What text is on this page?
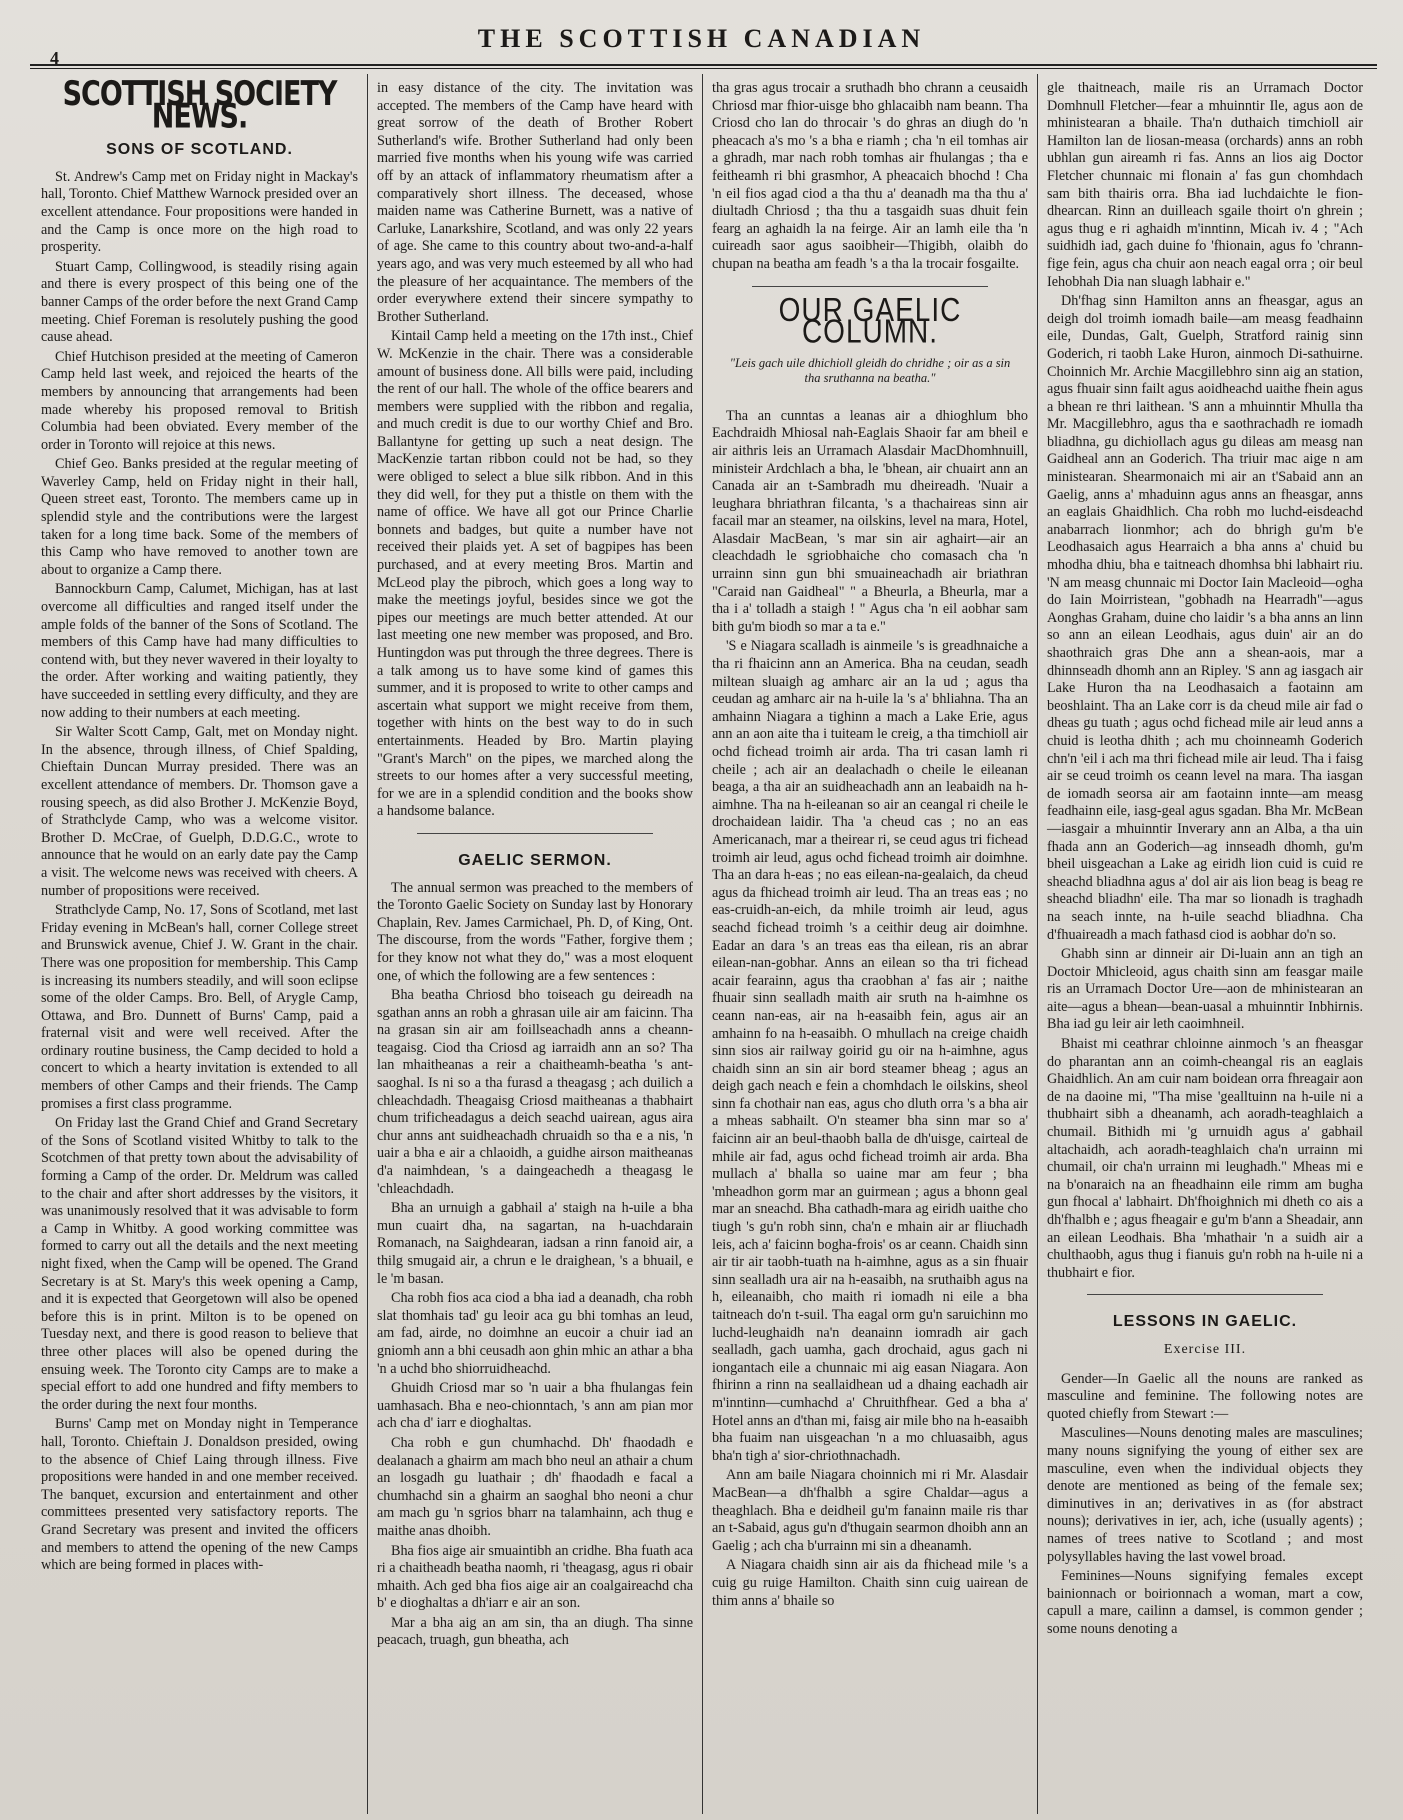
4
THE SCOTTISH CANADIAN
SCOTTISH SOCIETY NEWS.
SONS OF SCOTLAND.

St. Andrew's Camp met on Friday night in Mackay's hall, Toronto. Chief Matthew Warnock presided over an excellent attendance. Four propositions were handed in and the Camp is once more on the high road to prosperity.

Stuart Camp, Collingwood, is steadily rising again and there is every prospect of this being one of the banner Camps of the order before the next Grand Camp meeting. Chief Foreman is resolutely pushing the good cause ahead.

Chief Hutchison presided at the meeting of Cameron Camp held last week, and rejoiced the hearts of the members by announcing that arrangements had been made whereby his proposed removal to British Columbia had been obviated. Every member of the order in Toronto will rejoice at this news.

Chief Geo. Banks presided at the regular meeting of Waverley Camp, held on Friday night in their hall, Queen street east, Toronto. The members came up in splendid style and the contributions were the largest taken for a long time back. Some of the members of this Camp who have removed to another town are about to organize a Camp there.

Bannockburn Camp, Calumet, Michigan, has at last overcome all difficulties and ranged itself under the ample folds of the banner of the Sons of Scotland. The members of this Camp have had many difficulties to contend with, but they never wavered in their loyalty to the order. After working and waiting patiently, they have succeeded in settling every difficulty, and they are now adding to their numbers at each meeting.

Sir Walter Scott Camp, Galt, met on Monday night. In the absence, through illness, of Chief Spalding, Chieftain Duncan Murray presided. There was an excellent attendance of members. Dr. Thomson gave a rousing speech, as did also Brother J. McKenzie Boyd, of Strathclyde Camp, who was a welcome visitor. Brother D. McCrae, of Guelph, D.D.G.C., wrote to announce that he would on an early date pay the Camp a visit. The welcome news was received with cheers. A number of propositions were received.

Strathclyde Camp, No. 17, Sons of Scotland, met last Friday evening in McBean's hall, corner College street and Brunswick avenue, Chief J. W. Grant in the chair. There was one proposition for membership. This Camp is increasing its numbers steadily, and will soon eclipse some of the older Camps. Bro. Bell, of Arygle Camp, Ottawa, and Bro. Dunnett of Burns' Camp, paid a fraternal visit and were well received. After the ordinary routine business, the Camp decided to hold a concert to which a hearty invitation is extended to all members of other Camps and their friends. The Camp promises a first class programme.

On Friday last the Grand Chief and Grand Secretary of the Sons of Scotland visited Whitby to talk to the Scotchmen of that pretty town about the advisability of forming a Camp of the order. Dr. Meldrum was called to the chair and after short addresses by the visitors, it was unanimously resolved that it was advisable to form a Camp in Whitby. A good working committee was formed to carry out all the details and the next meeting night fixed, when the Camp will be opened. The Grand Secretary is at St. Mary's this week opening a Camp, and it is expected that Georgetown will also be opened before this is in print. Milton is to be opened on Tuesday next, and there is good reason to believe that three other places will also be opened during the ensuing week. The Toronto city Camps are to make a special effort to add one hundred and fifty members to the order during the next four months.

Burns' Camp met on Monday night in Temperance hall, Toronto. Chieftain J. Donaldson presided, owing to the absence of Chief Laing through illness. Five propositions were handed in and one member received. The banquet, excursion and entertainment and other committees presented very satisfactory reports. The Grand Secretary was present and invited the officers and members to attend the opening of the new Camps which are being formed in places with-

in easy distance of the city. The invitation was accepted. The members of the Camp have heard with great sorrow of the death of Brother Robert Sutherland's wife. Brother Sutherland had only been married five months when his young wife was carried off by an attack of inflammatory rheumatism after a comparatively short illness. The deceased, whose maiden name was Catherine Burnett, was a native of Carluke, Lanarkshire, Scotland, and was only 22 years of age. She came to this country about two-and-a-half years ago, and was very much esteemed by all who had the pleasure of her acquaintance. The members of the order everywhere extend their sincere sympathy to Brother Sutherland.

Kintail Camp held a meeting on the 17th inst., Chief W. McKenzie in the chair. There was a considerable amount of business done. All bills were paid, including the rent of our hall. The whole of the office bearers and members were supplied with the ribbon and regalia, and much credit is due to our worthy Chief and Bro. Ballantyne for getting up such a neat design. The MacKenzie tartan ribbon could not be had, so they were obliged to select a blue silk ribbon. And in this they did well, for they put a thistle on them with the name of office. We have all got our Prince Charlie bonnets and badges, but quite a number have not received their plaids yet. A set of bagpipes has been purchased, and at every meeting Bros. Martin and McLeod play the pibroch, which goes a long way to make the meetings joyful, besides since we got the pipes our meetings are much better attended. At our last meeting one new member was proposed, and Bro. Huntingdon was put through the three degrees. There is a talk among us to have some kind of games this summer, and it is proposed to write to other camps and ascertain what support we might receive from them, together with hints on the best way to do in such entertainments. Headed by Bro. Martin playing "Grant's March" on the pipes, we marched along the streets to our homes after a very successful meeting, for we are in a splendid condition and the books show a handsome balance.

GAELIC SERMON.

The annual sermon was preached to the members of the Toronto Gaelic Society on Sunday last by Honorary Chaplain, Rev. James Carmichael, Ph. D, of King, Ont. The discourse, from the words "Father, forgive them ; for they know not what they do," was a most eloquent one, of which the following are a few sentences :

Bha beatha Chriosd bho toiseach gu deireadh na sgathan anns an robh a ghrasan uile air am faicinn. Tha na grasan sin air am foillseachadh anns a cheann-teagaisg. Ciod tha Criosd ag iarraidh ann an so? Tha lan mhaitheanas a reir a chaitheamh-beatha 's ant-saoghal. Is ni so a tha furasd a theagasg ; ach duilich a chleachdadh. Theagaisg Criosd maitheanas a thabhairt chum trificheadagus a deich seachd uairean, agus aira chur anns ant suidheachadh chruaidh so tha e a nis, 'n uair a bha e air a chlaoidh, a guidhe airson maitheanas d'a naimhdean, 's a daingeachedh a theagasg le 'chleachdadh.

Bha an urnuigh a gabhail a' staigh na h-uile a bha mun cuairt dha, na sagartan, na h-uachdarain Romanach, na Saighdearan, iadsan a rinn fanoid air, a thilg smugaid air, a chrun e le draighean, 's a bhuail, e le 'm basan.

Cha robh fios aca ciod a bha iad a deanadh, cha robh slat thomhais tad' gu leoir aca gu bhi tomhas an leud, am fad, airde, no doimhne an eucoir a chuir iad an gniomh ann a bhi ceusadh aon ghin mhic an athar a bha 'n a uchd bho shiorruidheachd.

Ghuidh Criosd mar so 'n uair a bha fhulangas fein uamhasach. Bha e neo-chionntach, 's ann am pian mor ach cha d' iarr e dioghaltas.

Cha robh e gun chumhachd. Dh' fhaodadh e dealanach a ghairm am mach bho neul an athair a chum an losgadh gu luathair ; dh' fhaodadh e facal a chumhachd sin a ghairm an saoghal bho neoni a chur am mach gu 'n sgrios bharr na talamhainn, ach thug e maithe anas dhoibh.

Bha fios aige air smuaintibh an cridhe. Bha fuath aca ri a chaitheadh beatha naomh, ri 'theagasg, agus ri obair mhaith. Ach ged bha fios aige air an coalgaireachd cha b' e dioghaltas a dh'iarr e air an son.

Mar a bha aig an am sin, tha an diugh. Tha sinne peacach, truagh, gun bheatha, ach

tha gras agus trocair a sruthadh bho chrann a ceusaidh Chriosd mar fhior-uisge bho ghlacaibh nam beann. Tha Criosd cho lan do throcair 's do ghras an diugh do 'n pheacach a's mo 's a bha e riamh ; cha 'n eil tomhas air a ghradh, mar nach robh tomhas air fhulangas ; tha e feitheamh ri bhi grasmhor, A pheacaich bhochd ! Cha 'n eil fios agad ciod a tha thu a' deanadh ma tha thu a' diultadh Chriosd ; tha thu a tasgaidh suas dhuit fein fearg an aghaidh la na feirge. Air an lamh eile tha 'n cuireadh saor agus saoibheir—Thigibh, olaibh do chupan na beatha am feadh 's a tha la trocair fosgailte.

OUR GAELIC COLUMN.
"Leis gach uile dhichioll gleidh do chridhe ; oir as a sin tha sruthanna na beatha."

Tha an cunntas a leanas air a dhioghlum bho Eachdraidh Mhiosal nah-Eaglais Shaoir far am bheil e air aithris leis an Urramach Alasdair MacDhomhnuill, ministeir Ardchlach a bha, le 'bhean, air chuairt ann an Canada air an t-Sambradh mu dheireadh. 'Nuair a leughara bhriathran filcanta, 's a thachaireas sinn air facail mar an steamer, na oilskins, level na mara, Hotel, Alasdair MacBean, 's mar sin air aghairt—air an cleachdadh le sgriobhaiche cho comasach cha 'n urrainn sinn gun bhi smuaineachadh air briathran "Caraid nan Gaidheal" " a Bheurla, a Bheurla, mar a tha i a' tolladh a staigh ! " Agus cha 'n eil aobhar sam bith gu'm biodh so mar a ta e."

'S e Niagara scalladh is ainmeile 's is greadhnaiche a tha ri fhaicinn ann an America. Bha na ceudan, seadh miltean sluaigh ag amharc air an la ud ; agus tha ceudan ag amharc air na h-uile la 's a' bhliahna. Tha an amhainn Niagara a tighinn a mach a Lake Erie, agus ann an aon aite tha i tuiteam le creig, a tha timchioll air ochd fichead troimh air arda. Tha tri casan lamh ri cheile ; ach air an dealachadh o cheile le eileanan beaga, a tha air an suidheachadh ann an leabaidh na h-aimhne. Tha na h-eileanan so air an ceangal ri cheile le drochaidean laidir. Tha 'a cheud cas ; no an eas Americanach, mar a theirear ri, se ceud agus tri fichead troimh air leud, agus ochd fichead troimh air doimhne. Tha an dara h-eas ; no eas eilean-na-gealaich, da cheud agus da fhichead troimh air leud. Tha an treas eas ; no eas-cruidh-an-eich, da mhile troimh air leud, agus seachd fichead troimh 's a ceithir deug air doimhne. Eadar an dara 's an treas eas tha eilean, ris an abrar eilean-nan-gobhar. Anns an eilean so tha tri fichead acair fearainn, agus tha craobhan a' fas air ; naithe fhuair sinn sealladh maith air sruth na h-aimhne os ceann nan-eas, air na h-easaibh fein, agus air an amhainn fo na h-easaibh. O mhullach na creige chaidh sinn sios air railway goirid gu oir na h-aimhne, agus chaidh sinn an sin air bord steamer bheag ; agus an deigh gach neach e fein a chomhdach le oilskins, sheol sinn fa chothair nan eas, agus cho dluth orra 's a bha air a mheas sabhailt. O'n steamer bha sinn mar so a' faicinn air an beul-thaobh balla de dh'uisge, cairteal de mhile air fad, agus ochd fichead troimh air arda. Bha mullach a' bhalla so uaine mar am feur ; bha 'mheadhon gorm mar an guirmean ; agus a bhonn geal mar an sneachd. Bha cathadh-mara ag eiridh uaithe cho tiugh 's gu'n robh sinn, cha'n e mhain air ar fliuchadh leis, ach a' faicinn bogha-frois' os ar ceann. Chaidh sinn air tir air taobh-tuath na h-aimhne, agus as a sin fhuair sinn sealladh ura air na h-easaibh, na sruthaibh agus na h, eileanaibh, cho maith ri iomadh ni eile a bha taitneach do'n t-suil. Tha eagal orm gu'n saruichinn mo luchd-leughaidh na'n deanainn iomradh air gach sealladh, gach uamha, gach drochaid, agus gach ni iongantach eile a chunnaic mi aig easan Niagara. Aon fhirinn a rinn na seallaidhean ud a dhaing eachadh air m'inntinn—cumhachd a' Chruithfhear. Ged a bha a' Hotel anns an d'than mi, faisg air mile bho na h-easaibh bha fuaim nan uisgeachan 'n a mo chluasaibh, agus bha'n tigh a' sior-chriothnachadh.

Ann am baile Niagara choinnich mi ri Mr. Alasdair MacBean—a dh'fhalbh a sgire Chaldar—agus a theaghlach. Bha e deidheil gu'm fanainn maile ris thar an t-Sabaid, agus gu'n d'thugain searmon dhoibh ann an Gaelig ; ach cha b'urrainn mi sin a dheanamh.

A Niagara chaidh sinn air ais da fhichead mile 's a cuig gu ruige Hamilton. Chaith sinn cuig uairean de thim anns a' bhaile so

gle thaitneach, maile ris an Urramach Doctor Domhnull Fletcher—fear a mhuinntir Ile, agus aon de mhinistearan a bhaile. Tha'n duthaich timchioll air Hamilton lan de liosan-measa (orchards) anns an robh ubhlan gun aireamh ri fas. Anns an lios aig Doctor Fletcher chunnaic mi flonain a' fas gun chomhdach sam bith thairis orra. Bha iad luchdaichte le fion-dhearcan. Rinn an duilleach sgaile thoirt o'n ghrein ; agus thug e ri aghaidh m'inntinn, Micah iv. 4 ; "Ach suidhidh iad, gach duine fo 'fhionain, agus fo 'chrann-fige fein, agus cha chuir aon neach eagal orra ; oir beul Iehobhah Dia nan sluagh labhair e."

Dh'fhag sinn Hamilton anns an fheasgar, agus an deigh dol troimh iomadh baile—am measg feadhainn eile, Dundas, Galt, Guelph, Stratford rainig sinn Goderich, ri taobh Lake Huron, ainmoch Di-sathuirne. Choinnich Mr. Archie Macgillebhro sinn aig an station, agus fhuair sinn failt agus aoidheachd uaithe fhein agus a bhean re thri laithean. 'S ann a mhuinntir Mhulla tha Mr. Macgillebhro, agus tha e saothrachadh re iomadh bliadhna, gu dichiollach agus gu dileas am measg nan Gaidheal ann an Goderich. Tha triuir mac aige n am ministearan. Shearmonaich mi air an t'Sabaid ann an Gaelig, anns a' mhaduinn agus anns an fheasgar, anns an eaglais Ghaidhlich. Cha robh mo luchd-eisdeachd anabarrach lionmhor; ach do bhrigh gu'm b'e Leodhasaich agus Hearraich a bha anns a' chuid bu mhodha dhiu, bha e taitneach dhomhsa bhi labhairt riu. 'N am measg chunnaic mi Doctor Iain Macleoid—ogha do Iain Moirristean, "gobhadh na Hearradh"—agus Aonghas Graham, duine cho laidir 's a bha anns an linn so ann an eilean Leodhais, agus duin' air an do shaothraich gras Dhe ann a shean-aois, mar a dhinnseadh dhomh ann an Ripley. 'S ann ag iasgach air Lake Huron tha na Leodhasaich a faotainn am beoshlaint. Tha an Lake corr is da cheud mile air fad o dheas gu tuath ; agus ochd fichead mile air leud anns a chuid is leotha dhith ; ach mu choinneamh Goderich chn'n 'eil i ach ma thri fichead mile air leud. Tha i faisg air se ceud troimh os ceann level na mara. Tha iasgan de iomadh seorsa air am faotainn innte—am measg feadhainn eile, iasg-geal agus sgadan. Bha Mr. McBean—iasgair a mhuinntir Inverary ann an Alba, a tha uin fhada ann an Goderich—ag innseadh dhomh, gu'm bheil uisgeachan a Lake ag eiridh lion cuid is cuid re sheachd bliadhna agus a' dol air ais lion beag is beag re sheachd bliadhn' eile. Tha mar so lionadh is traghadh na seach innte, na h-uile seachd bliadhna. Cha d'fhuaireadh a mach fathasd ciod is aobhar do'n so.

Ghabh sinn ar dinneir air Di-luain ann an tigh an Doctoir Mhicleoid, agus chaith sinn am feasgar maile ris an Urramach Doctor Ure—aon de mhinistearan an aite—agus a bhean—bean-uasal a mhuinntir Inbhirnis. Bha iad gu leir air leth caoimhneil.

Bhaist mi ceathrar chloinne ainmoch 's an fheasgar do pharantan ann an coimh-cheangal ris an eaglais Ghaidhlich. An am cuir nam boidean orra fhreagair aon de na daoine mi, "Tha mise 'gealltuinn na h-uile ni a thubhairt sibh a dheanamh, ach aoradh-teaghlaich a chumail. Bithidh mi 'g urnuidh agus a' gabhail altachaidh, ach aoradh-teaghlaich cha'n urrainn mi chumail, oir cha'n urrainn mi leughadh." Mheas mi e na b'onaraich na an fheadhainn eile rimm am bugha gun fhocal a' labhairt. Dh'fhoighnich mi dheth co ais a dh'fhalbh e ; agus fheagair e gu'm b'ann a Sheadair, ann an eilean Leodhais. Bha 'mhathair 'n a suidh air a chulthaobh, agus thug i fianuis gu'n robh na h-uile ni a thubhairt e fior.

LESSONS IN GAELIC.
Exercise III.

Gender—In Gaelic all the nouns are ranked as masculine and feminine. The following notes are quoted chiefly from Stewart :—

Masculines—Nouns denoting males are masculines; many nouns signifying the young of either sex are masculine, even when the individual objects they denote are mentioned as being of the female sex; diminutives in an; derivatives in as (for abstract nouns); derivatives in ier, ach, iche (usually agents) ; names of trees native to Scotland ; and most polysyllables having the last vowel broad.

Feminines—Nouns signifying females except bainionnach or boirionnach a woman, mart a cow, capull a mare, cailinn a damsel, is common gender ; some nouns denoting a
